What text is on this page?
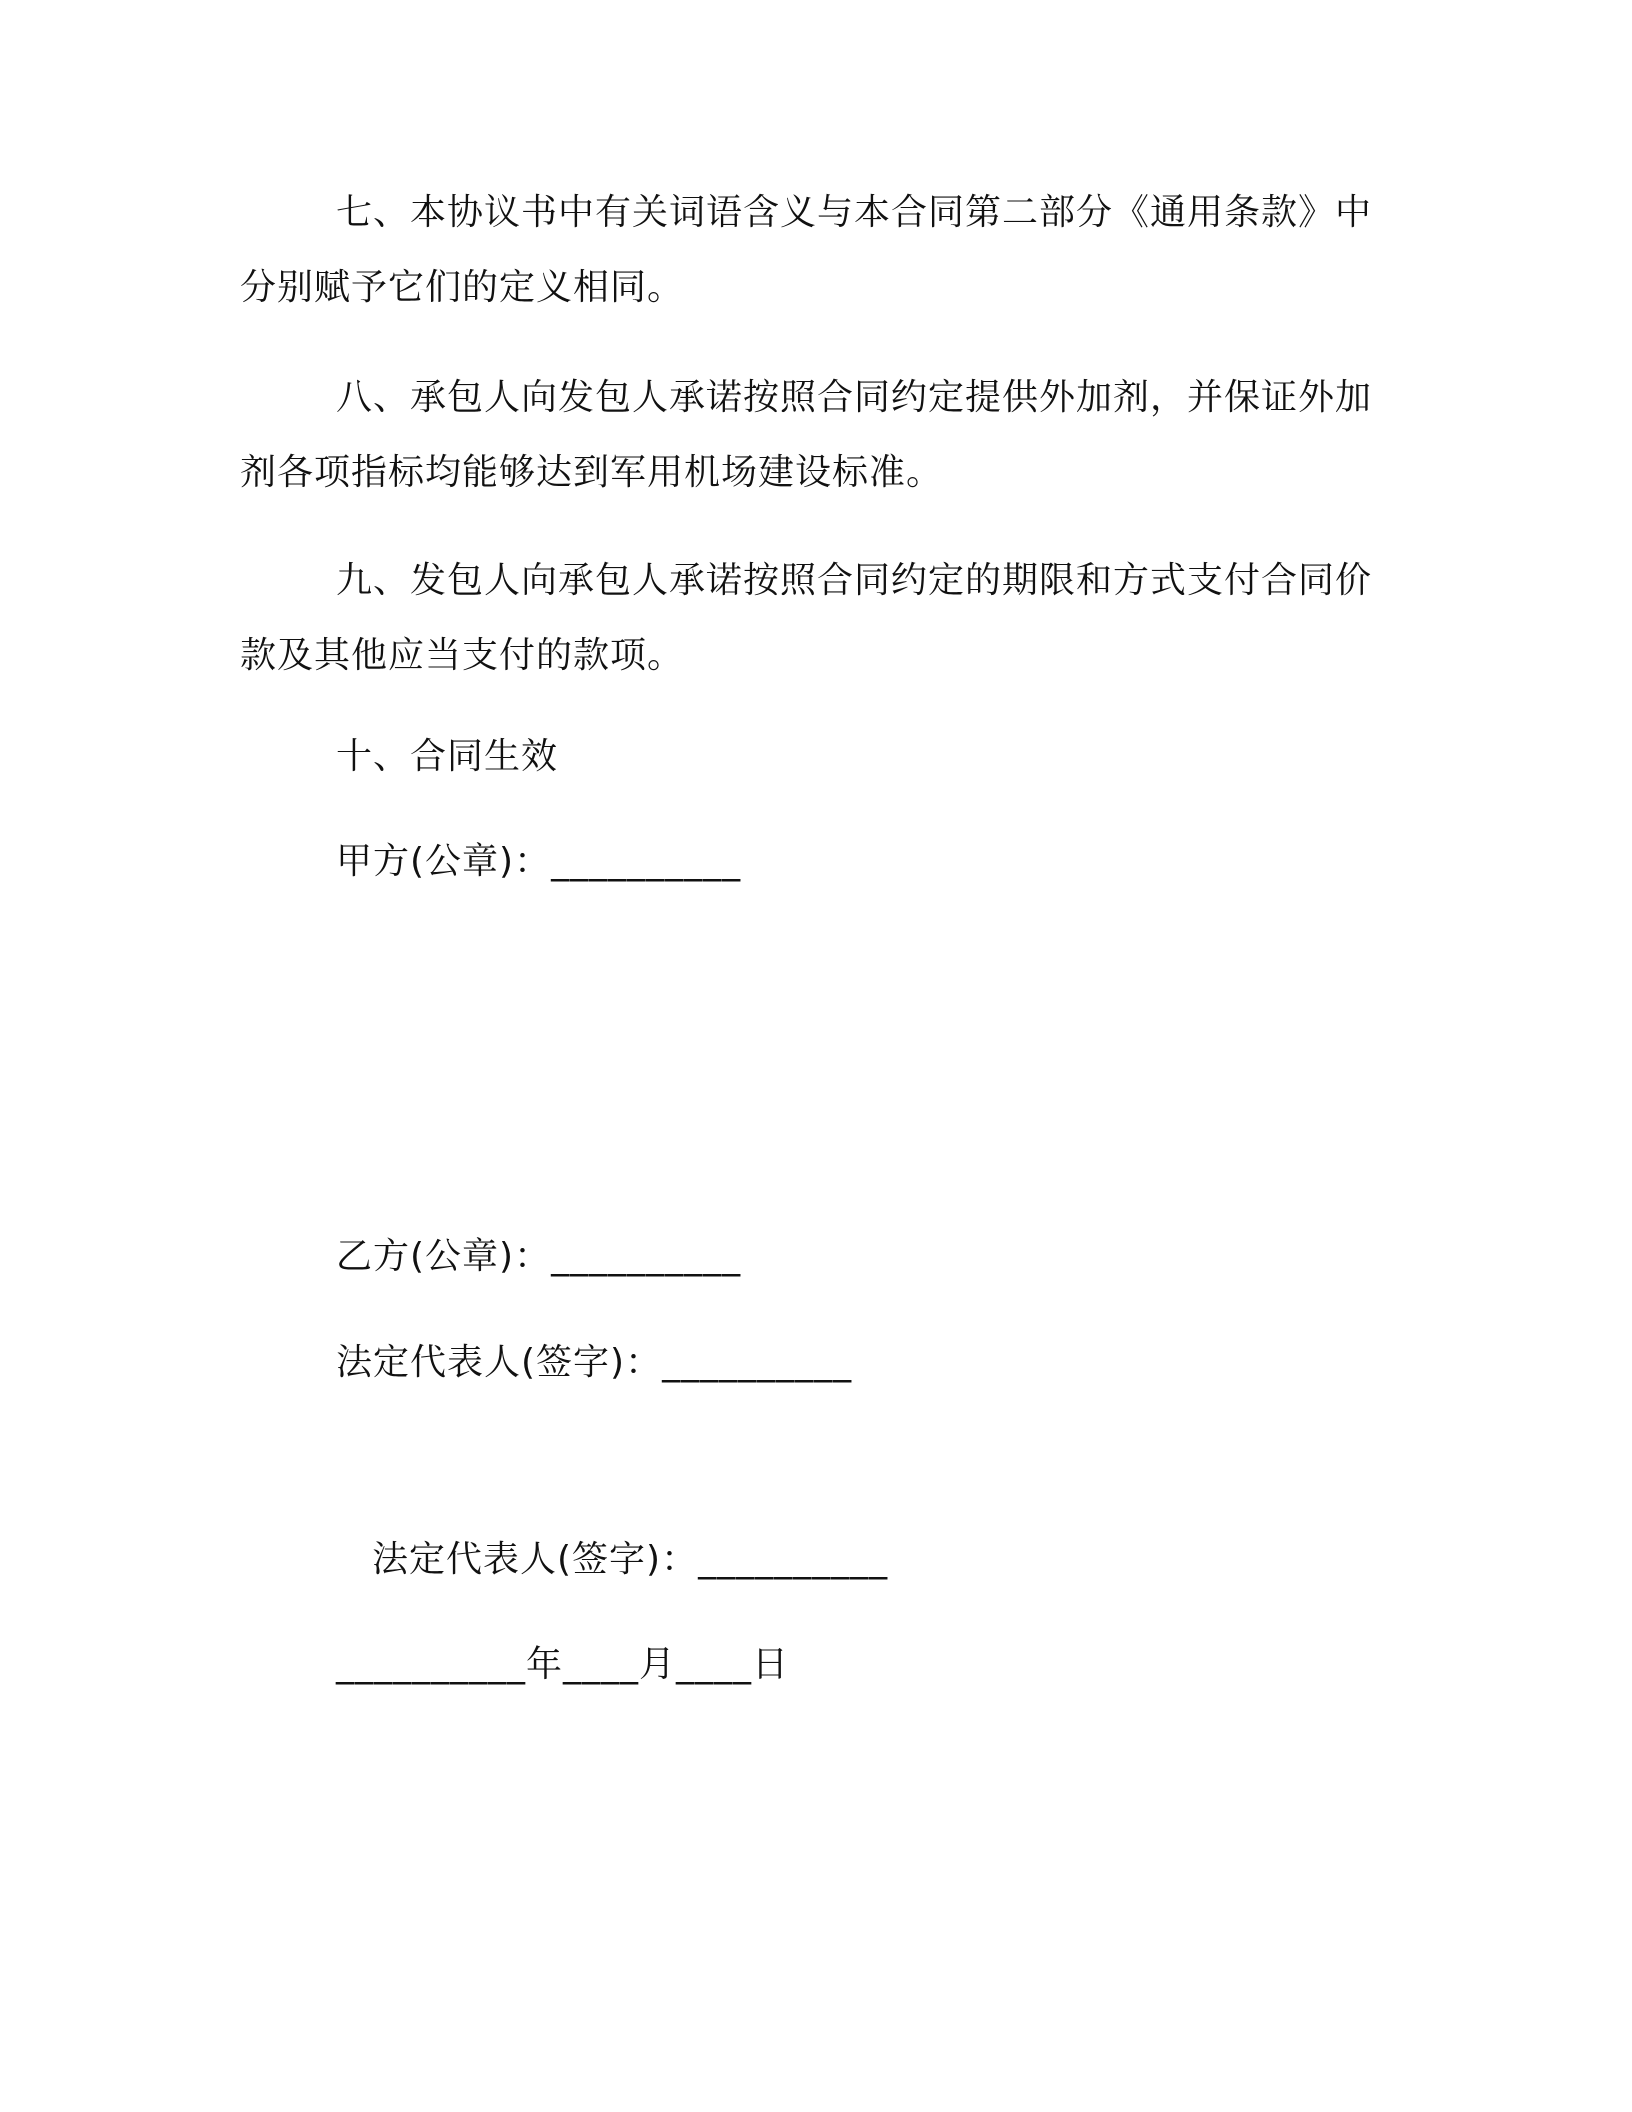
七、本协议书中有关词语含义与本合同第二部分《通用条款》中分别赋予它们的定义相同。

八、承包人向发包人承诺按照合同约定提供外加剂，并保证外加剂各项指标均能够达到军用机场建设标准。

九、发包人向承包人承诺按照合同约定的期限和方式支付合同价款及其他应当支付的款项。

十、合同生效

甲方(公章)：__________

乙方(公章)：__________

法定代表人(签字)：__________

法定代表人(签字)：__________

__________年____月____日
